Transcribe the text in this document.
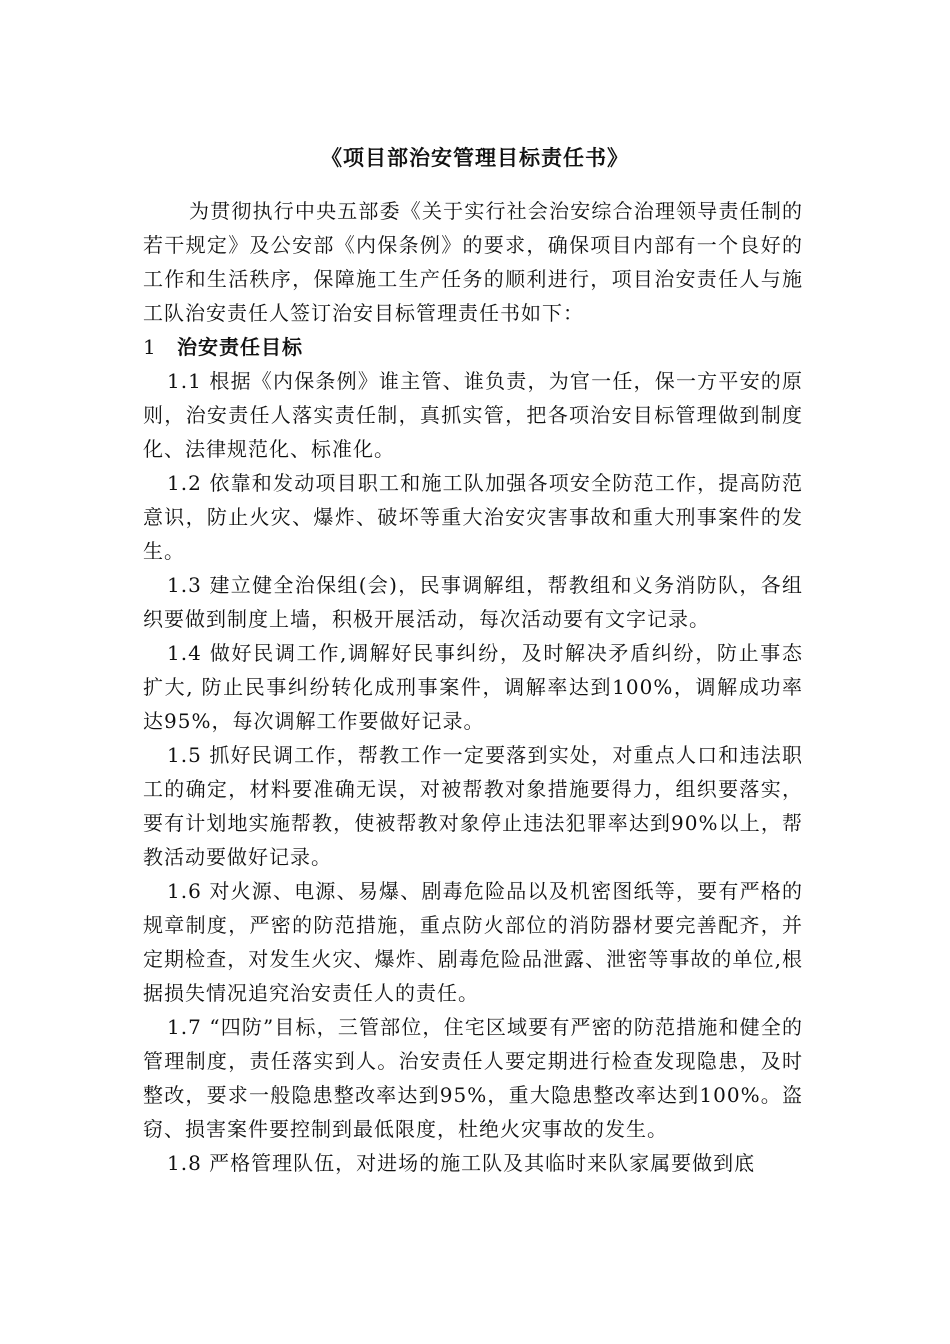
《项目部治安管理目标责任书》

为贯彻执行中央五部委《关于实行社会治安综合治理领导责任制的若干规定》及公安部《内保条例》的要求，确保项目内部有一个良好的工作和生活秩序，保障施工生产任务的顺利进行，项目治安责任人与施工队治安责任人签订治安目标管理责任书如下：

1 治安责任目标

1.1 根据《内保条例》谁主管、谁负责，为官一任，保一方平安的原则，治安责任人落实责任制，真抓实管，把各项治安目标管理做到制度化、法律规范化、标准化。

1.2 依靠和发动项目职工和施工队加强各项安全防范工作，提高防范意识，防止火灾、爆炸、破坏等重大治安灾害事故和重大刑事案件的发生。

1.3 建立健全治保组(会)，民事调解组，帮教组和义务消防队，各组织要做到制度上墙，积极开展活动，每次活动要有文字记录。

1.4 做好民调工作,调解好民事纠纷，及时解决矛盾纠纷，防止事态扩大, 防止民事纠纷转化成刑事案件，调解率达到100%，调解成功率达95%，每次调解工作要做好记录。

1.5 抓好民调工作，帮教工作一定要落到实处，对重点人口和违法职工的确定，材料要准确无误，对被帮教对象措施要得力，组织要落实，要有计划地实施帮教，使被帮教对象停止违法犯罪率达到90%以上，帮教活动要做好记录。

1.6 对火源、电源、易爆、剧毒危险品以及机密图纸等，要有严格的规章制度，严密的防范措施，重点防火部位的消防器材要完善配齐，并定期检查，对发生火灾、爆炸、剧毒危险品泄露、泄密等事故的单位,根据损失情况追究治安责任人的责任。

1.7 “四防”目标，三管部位，住宅区域要有严密的防范措施和健全的管理制度，责任落实到人。治安责任人要定期进行检查发现隐患，及时整改，要求一般隐患整改率达到95%，重大隐患整改率达到100%。盗窃、损害案件要控制到最低限度，杜绝火灾事故的发生。

1.8 严格管理队伍，对进场的施工队及其临时来队家属要做到底
